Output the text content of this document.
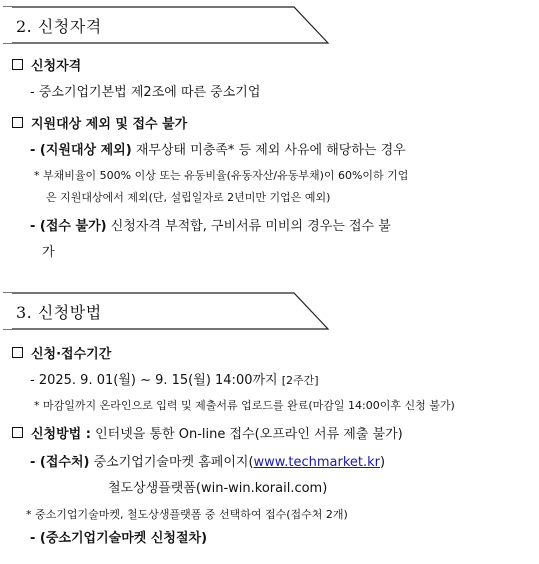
2. 신청자격
신청자격
- 중소기업기본법 제2조에 따른 중소기업
지원대상 제외 및 접수 불가
- (지원대상 제외) 재무상태 미충족* 등 제외 사유에 해당하는 경우
* 부채비율이 500% 이상 또는 유동비율(유동자산/유동부채)이 60%이하 기업
은 지원대상에서 제외(단, 설립일자로 2년미만 기업은 예외)
- (접수 불가) 신청자격 부적합, 구비서류 미비의 경우는 접수 불
가
3. 신청방법
신청·접수기간
- 2025. 9. 01(월) ~ 9. 15(월) 14:00까지 [2주간]
* 마감일까지 온라인으로 입력 및 제출서류 업로드를 완료(마감일 14:00이후 신청 불가)
신청방법 : 인터넷을 통한 On-line 접수(오프라인 서류 제출 불가)
- (접수처) 중소기업기술마켓 홈페이지(www.techmarket.kr)
철도상생플랫폼(win-win.korail.com)
* 중소기업기술마켓, 철도상생플랫폼 중 선택하여 접수(접수처 2개)
- (중소기업기술마켓 신청절차)
